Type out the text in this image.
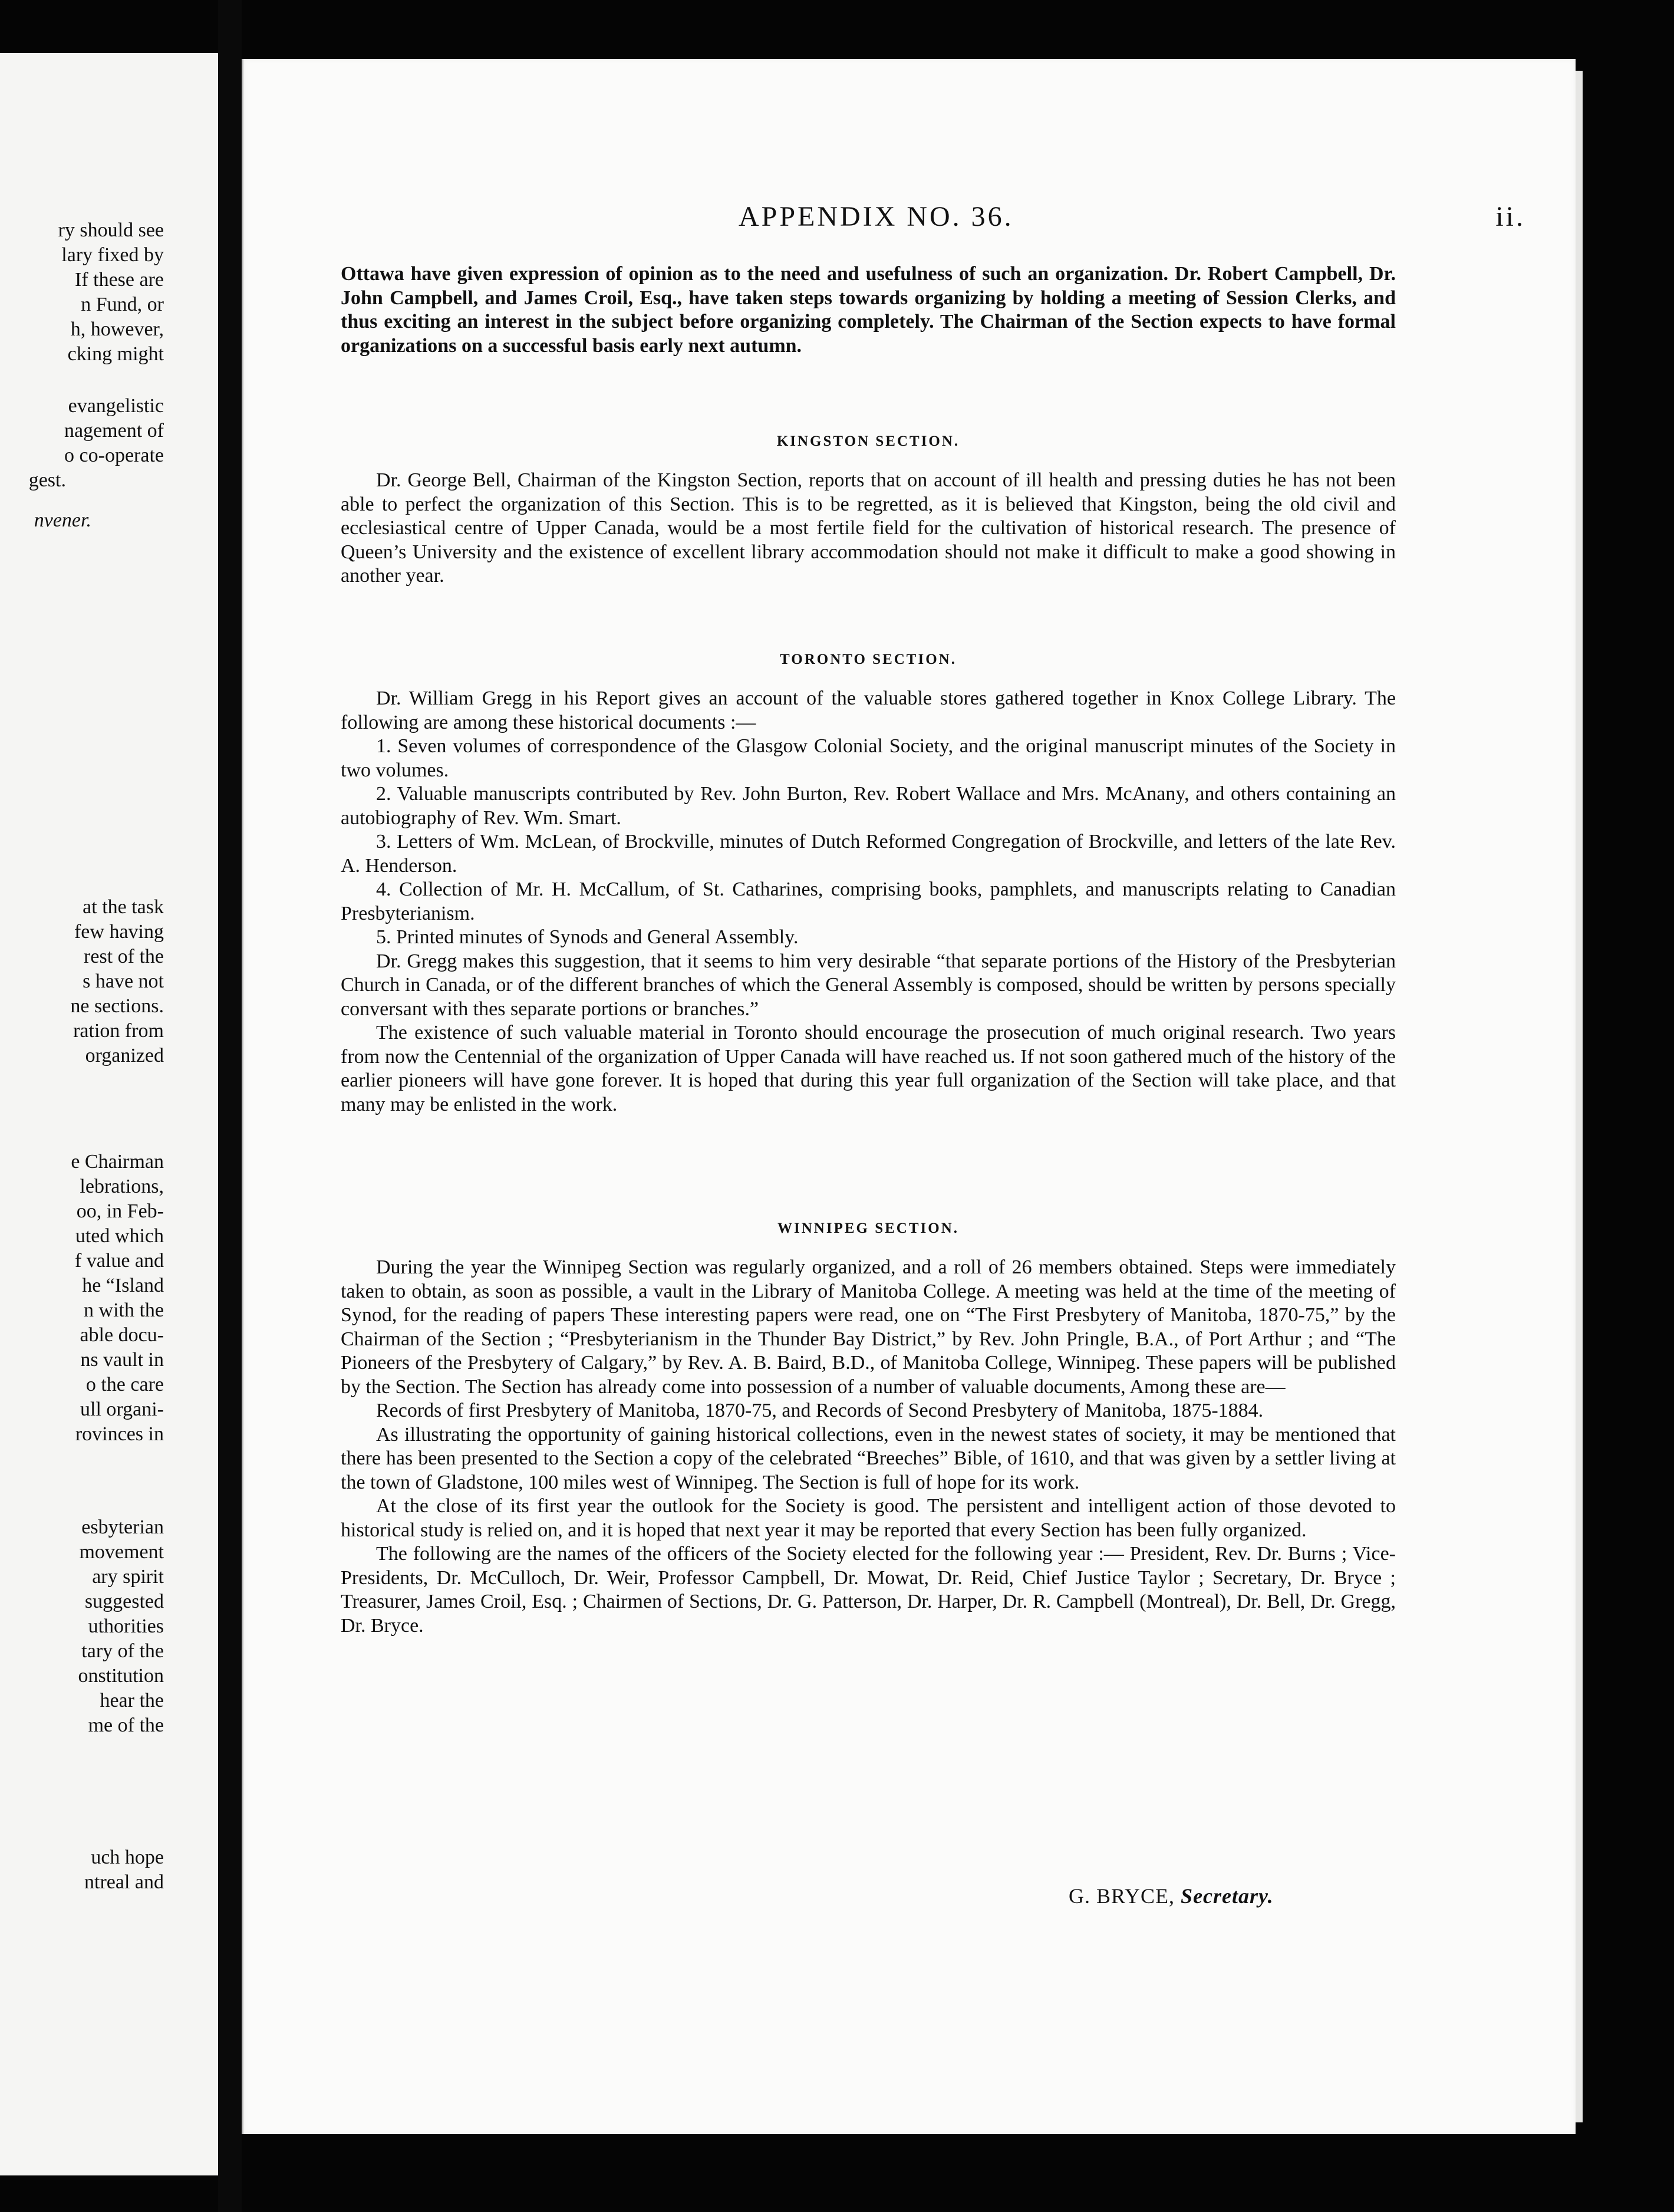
ry should see
lary fixed by
If these are
n Fund, or
h, however,
cking might
evangelistic
nagement of
o co-operate
gest.
nvener.
at the task
few having
rest of the
s have not
ne sections.
ration from
organized
e Chairman
lebrations,
oo, in Feb-
uted which
f value and
he “Island
n with the
able docu-
ns vault in
o the care
ull organi-
rovinces in
esbyterian
movement
ary spirit
suggested
uthorities
tary of the
onstitution
hear the
me of the
uch hope
ntreal and
APPENDIX NO. 36.	ii.

Ottawa have given expression of opinion as to the need and usefulness of such an organization. Dr. Robert Campbell, Dr. John Campbell, and James Croil, Esq., have taken steps towards organizing by holding a meeting of Session Clerks, and thus exciting an interest in the subject before organizing completely. The Chairman of the Section expects to have formal organizations on a successful basis early next autumn.

KINGSTON SECTION.

Dr. George Bell, Chairman of the Kingston Section, reports that on account of ill health and pressing duties he has not been able to perfect the organization of this Section. This is to be regretted, as it is believed that Kingston, being the old civil and ecclesiastical centre of Upper Canada, would be a most fertile field for the cultivation of historical research. The presence of Queen’s University and the existence of excellent library accommodation should not make it difficult to make a good showing in another year.

TORONTO SECTION.

Dr. William Gregg in his Report gives an account of the valuable stores gathered together in Knox College Library. The following are among these historical documents :—

1. Seven volumes of correspondence of the Glasgow Colonial Society, and the original manuscript minutes of the Society in two volumes.

2. Valuable manuscripts contributed by Rev. John Burton, Rev. Robert Wallace and Mrs. McAnany, and others containing an autobiography of Rev. Wm. Smart.

3. Letters of Wm. McLean, of Brockville, minutes of Dutch Reformed Congregation of Brockville, and letters of the late Rev. A. Henderson.

4. Collection of Mr. H. McCallum, of St. Catharines, comprising books, pamphlets, and manuscripts relating to Canadian Presbyterianism.

5. Printed minutes of Synods and General Assembly.

Dr. Gregg makes this suggestion, that it seems to him very desirable “that separate portions of the History of the Presbyterian Church in Canada, or of the different branches of which the General Assembly is composed, should be written by persons specially conversant with thes separate portions or branches.”

The existence of such valuable material in Toronto should encourage the prosecution of much original research. Two years from now the Centennial of the organization of Upper Canada will have reached us. If not soon gathered much of the history of the earlier pioneers will have gone forever. It is hoped that during this year full organization of the Section will take place, and that many may be enlisted in the work.

WINNIPEG SECTION.

During the year the Winnipeg Section was regularly organized, and a roll of 26 members obtained. Steps were immediately taken to obtain, as soon as possible, a vault in the Library of Manitoba College. A meeting was held at the time of the meeting of Synod, for the reading of papers These interesting papers were read, one on “The First Presbytery of Manitoba, 1870-75,” by the Chairman of the Section ; “Presbyterianism in the Thunder Bay District,” by Rev. John Pringle, B.A., of Port Arthur ; and “The Pioneers of the Presbytery of Calgary,” by Rev. A. B. Baird, B.D., of Manitoba College, Winnipeg. These papers will be published by the Section. The Section has already come into possession of a number of valuable documents, Among these are—

Records of first Presbytery of Manitoba, 1870-75, and Records of Second Presbytery of Manitoba, 1875-1884.

As illustrating the opportunity of gaining historical collections, even in the newest states of society, it may be mentioned that there has been presented to the Section a copy of the celebrated “Breeches” Bible, of 1610, and that was given by a settler living at the town of Gladstone, 100 miles west of Winnipeg. The Section is full of hope for its work.

At the close of its first year the outlook for the Society is good. The persistent and intelligent action of those devoted to historical study is relied on, and it is hoped that next year it may be reported that every Section has been fully organized.

The following are the names of the officers of the Society elected for the following year :— President, Rev. Dr. Burns ; Vice-Presidents, Dr. McCulloch, Dr. Weir, Professor Campbell, Dr. Mowat, Dr. Reid, Chief Justice Taylor ; Secretary, Dr. Bryce ; Treasurer, James Croil, Esq. ; Chairmen of Sections, Dr. G. Patterson, Dr. Harper, Dr. R. Campbell (Montreal), Dr. Bell, Dr. Gregg, Dr. Bryce.

G. BRYCE, Secretary.
